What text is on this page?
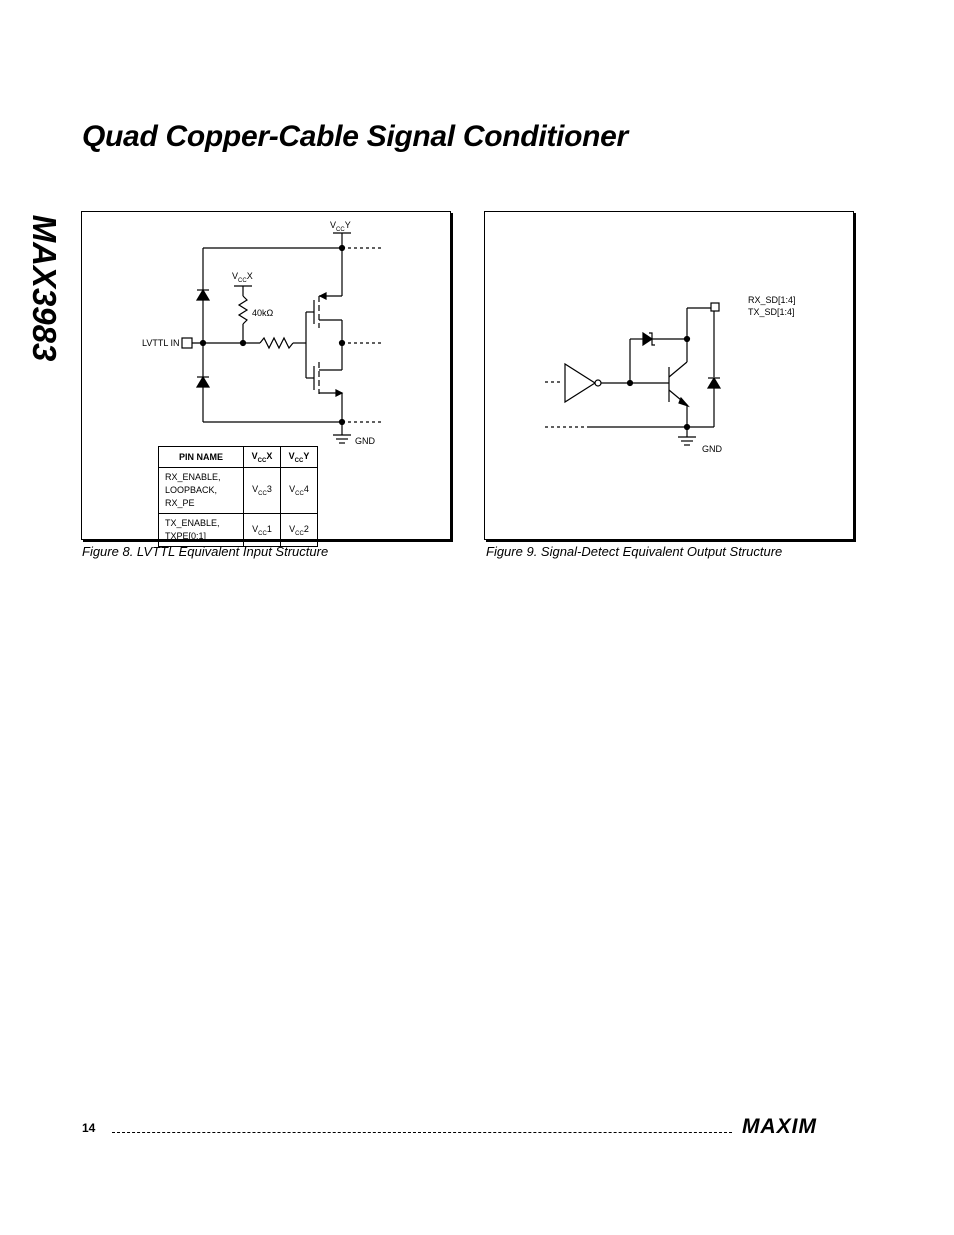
MAX3983
Quad Copper-Cable Signal Conditioner
$V_{CC}Y$
$V_{CC}X$
40kΩ
LVTTL IN
GND
PIN NAME	$V_{CC}X$	$V_{CC}Y$
RX_ENABLE,
LOOPBACK, RX_PE	$V_{CC}3$	$V_{CC}4$
TX_ENABLE,
TXPE[0:1]	$V_{CC}1$	$V_{CC}2$
Figure 8. LVTTL Equivalent Input Structure
RX_SD[1:4]
TX_SD[1:4]
GND
Figure 9. Signal-Detect Equivalent Output Structure
14	MAXIM
